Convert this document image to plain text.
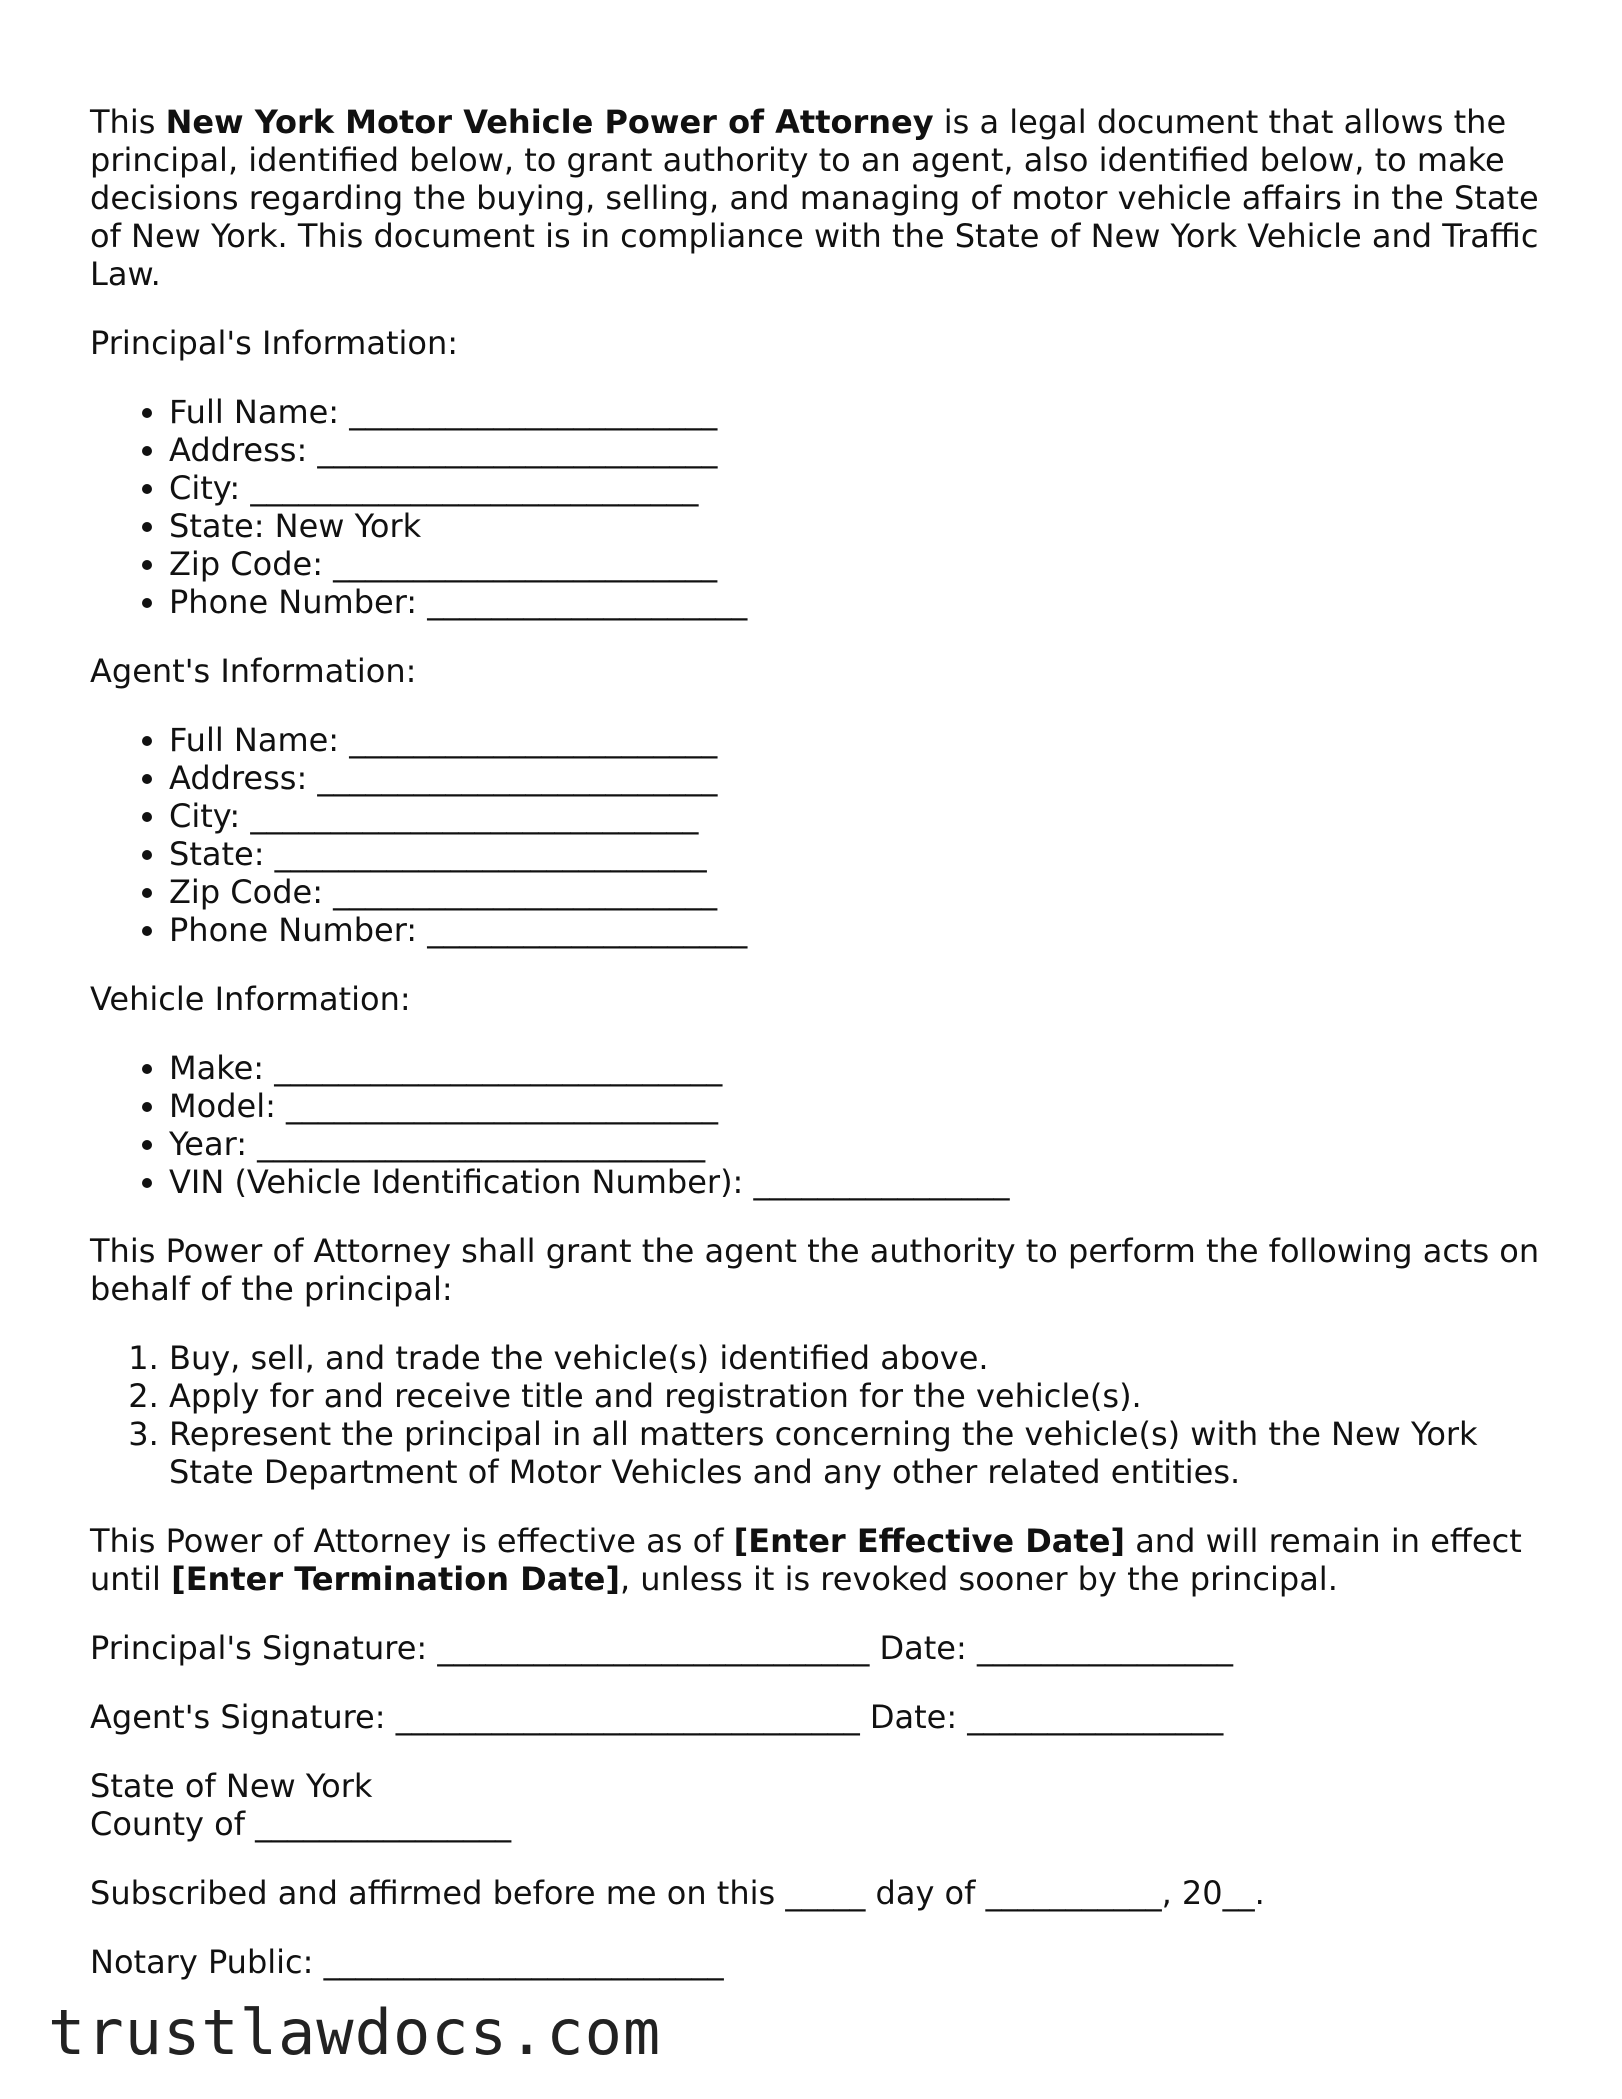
This New York Motor Vehicle Power of Attorney is a legal document that allows the principal, identified below, to grant authority to an agent, also identified below, to make decisions regarding the buying, selling, and managing of motor vehicle affairs in the State of New York. This document is in compliance with the State of New York Vehicle and Traffic Law.

Principal's Information:

• Full Name: _______________________
• Address: _________________________
• City: ____________________________
• State: New York
• Zip Code: ________________________
• Phone Number: ____________________

Agent's Information:

• Full Name: _______________________
• Address: _________________________
• City: ____________________________
• State: ___________________________
• Zip Code: ________________________
• Phone Number: ____________________

Vehicle Information:

• Make: ____________________________
• Model: ___________________________
• Year: ____________________________
• VIN (Vehicle Identification Number): ________________

This Power of Attorney shall grant the agent the authority to perform the following acts on behalf of the principal:

1. Buy, sell, and trade the vehicle(s) identified above.
2. Apply for and receive title and registration for the vehicle(s).
3. Represent the principal in all matters concerning the vehicle(s) with the New York State Department of Motor Vehicles and any other related entities.

This Power of Attorney is effective as of [Enter Effective Date] and will remain in effect until [Enter Termination Date], unless it is revoked sooner by the principal.

Principal's Signature: ___________________________ Date: ________________

Agent's Signature: _____________________________ Date: ________________

State of New York
County of ________________

Subscribed and affirmed before me on this _____ day of ___________, 20__.

Notary Public: _________________________

trustlawdocs.com
